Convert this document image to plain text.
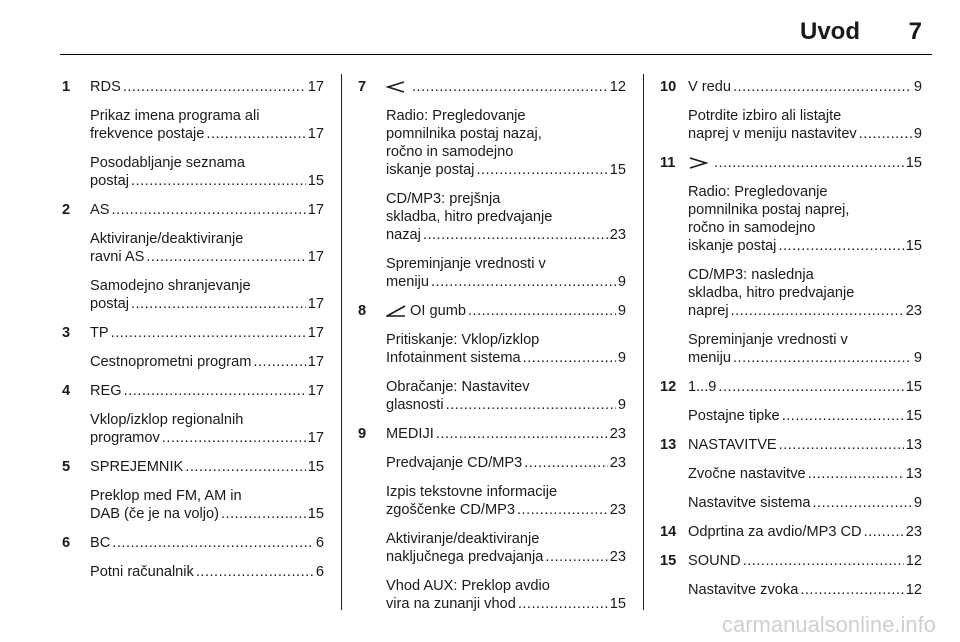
Uvod 7
1 RDS .....	17
Prikaz imena programa ali
frekvence postaje .....	17
Posodabljanje seznama
postaj .....	15
2 AS .....	17
Aktiviranje/deaktiviranje
ravni AS .....	17
Samodejno shranjevanje
postaj .....	17
3 TP .....	17
Cestnoprometni program .....	17
4 REG .....	17
Vklop/izklop regionalnih
programov .....	17
5 SPREJEMNIK .....	15
Preklop med FM, AM in
DAB (če je na voljo) .....	15
6 BC .....	6
Potni računalnik .....	6
7 .....	12
Radio: Pregledovanje
pomnilnika postaj nazaj,
ročno in samodejno
iskanje postaj .....	15
CD/MP3: prejšnja
skladba, hitro predvajanje
nazaj .....	23
Spreminjanje vrednosti v
meniju .....	9
8	OI gumb .....	9
Pritiskanje: Vklop/izklop
Infotainment sistema .....	9
Obračanje: Nastavitev
glasnosti .....	9
9 MEDIJI .....	23
Predvajanje CD/MP3 .....	23
Izpis tekstovne informacije
zgoščenke CD/MP3 .....	23
Aktiviranje/deaktiviranje
naključnega predvajanja .....	23
Vhod AUX: Preklop avdio
vira na zunanji vhod .....	15
10 V redu .....	9
Potrdite izbiro ali listajte
naprej v meniju nastavitev .....	9
11 .....	15
Radio: Pregledovanje
pomnilnika postaj naprej,
ročno in samodejno
iskanje postaj .....	15
CD/MP3: naslednja
skladba, hitro predvajanje
naprej .....	23
Spreminjanje vrednosti v
meniju .....	9
12 1...9 .....	15
Postajne tipke .....	15
13 NASTAVITVE .....	13
Zvočne nastavitve .....	13
Nastavitve sistema .....	9
14 Odprtina za avdio/MP3 CD .....	23
15 SOUND .....	12
Nastavitve zvoka .....	12
carmanualsonline.info
